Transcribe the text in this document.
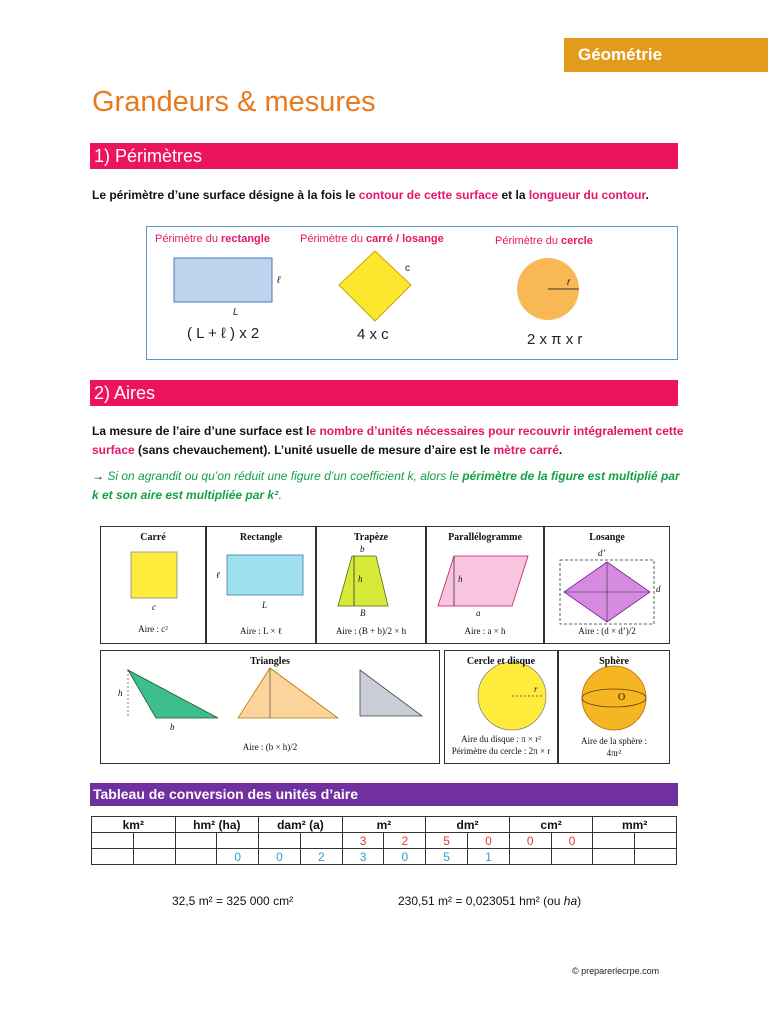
Géométrie
Grandeurs & mesures
1) Périmètres
Le périmètre d’une surface désigne à la fois le contour de cette surface et la longueur du contour.
Périmètre du rectangle	Périmètre du carré / losange	Périmètre du cercle
ℓ
L
c
r
( L + ℓ ) x 2	4 x c	2 x π x r
2) Aires
La mesure de l’aire d’une surface est le nombre d’unités nécessaires pour recouvrir intégralement cette surface (sans chevauchement). L’unité usuelle de mesure d’aire est le mètre carré.
→ Si on agrandit ou qu’on réduit une figure d’un coefficient k, alors le périmètre de la figure est multiplié par k et son aire est multipliée par k².
Carré
c
Aire : c²
Rectangle
ℓ
L
Aire : L × ℓ
Trapèze
b
h
B
Aire : (B + b)/2 × h
Parallélogramme
h
a
Aire : a × h
Losange
d’
d
Aire : (d × d’)/2
Triangles
h
b
Aire : (b × h)/2
Cercle et disque
r
Aire du disque : π × r²
Périmètre du cercle : 2π × r
Sphère
O
Aire de la sphère :
4πr²
Tableau de conversion des unités d’aire
km²		hm² (ha)		dam² (a)		m²		dm²		cm²		mm²	
						3	2	5	0	0	0		
			0	0	2	3	0	5	1				
32,5 m² = 325 000 cm²	230,51 m² = 0,023051 hm² (ou ha)
© preparerlecrpe.com
